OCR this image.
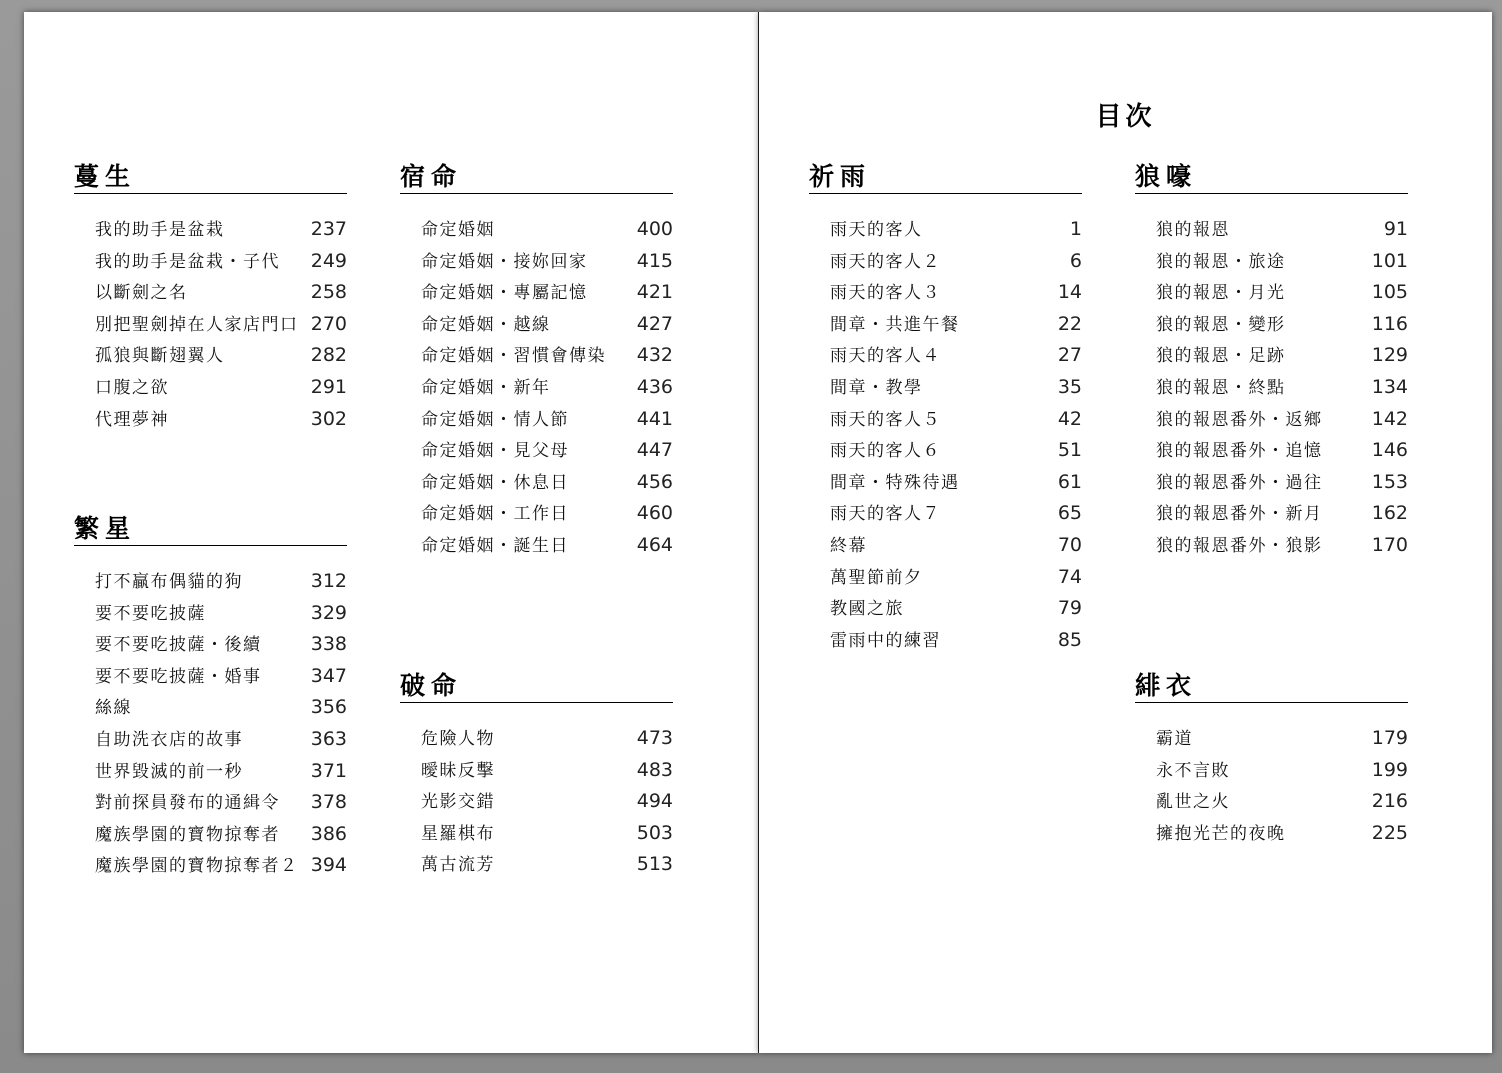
蔓生
我的助手是盆栽	237
我的助手是盆栽・子代	249
以斷劍之名	258
別把聖劍掉在人家店門口 270
孤狼與斷翅翼人	282
口腹之欲	291
代理夢神	302
繁星
打不贏布偶貓的狗	312
要不要吃披薩	329
要不要吃披薩・後續	338
要不要吃披薩・婚事	347
絲線	356
自助洗衣店的故事	363
世界毀滅的前一秒	371
對前探員發布的通緝令	378
魔族學園的寶物掠奪者	386
魔族學園的寶物掠奪者２ 394
宿命
命定婚姻	400
命定婚姻・接妳回家	415
命定婚姻・專屬記憶	421
命定婚姻・越線	427
命定婚姻・習慣會傳染	432
命定婚姻・新年	436
命定婚姻・情人節	441
命定婚姻・見父母	447
命定婚姻・休息日	456
命定婚姻・工作日	460
命定婚姻・誕生日	464
破命
危險人物	473
曖昧反擊	483
光影交錯	494
星羅棋布	503
萬古流芳	513
目次
祈雨
雨天的客人	1
雨天的客人２	6
雨天的客人３	14
間章・共進午餐	22
雨天的客人４	27
間章・教學	35
雨天的客人５	42
雨天的客人６	51
間章・特殊待遇	61
雨天的客人７	65
終幕	70
萬聖節前夕	74
教國之旅	79
雷雨中的練習	85
狼嚎
狼的報恩	91
狼的報恩・旅途	101
狼的報恩・月光	105
狼的報恩・變形	116
狼的報恩・足跡	129
狼的報恩・終點	134
狼的報恩番外・返鄉	142
狼的報恩番外・追憶	146
狼的報恩番外・過往	153
狼的報恩番外・新月	162
狼的報恩番外・狼影	170
緋衣
霸道	179
永不言敗	199
亂世之火	216
擁抱光芒的夜晚	225
